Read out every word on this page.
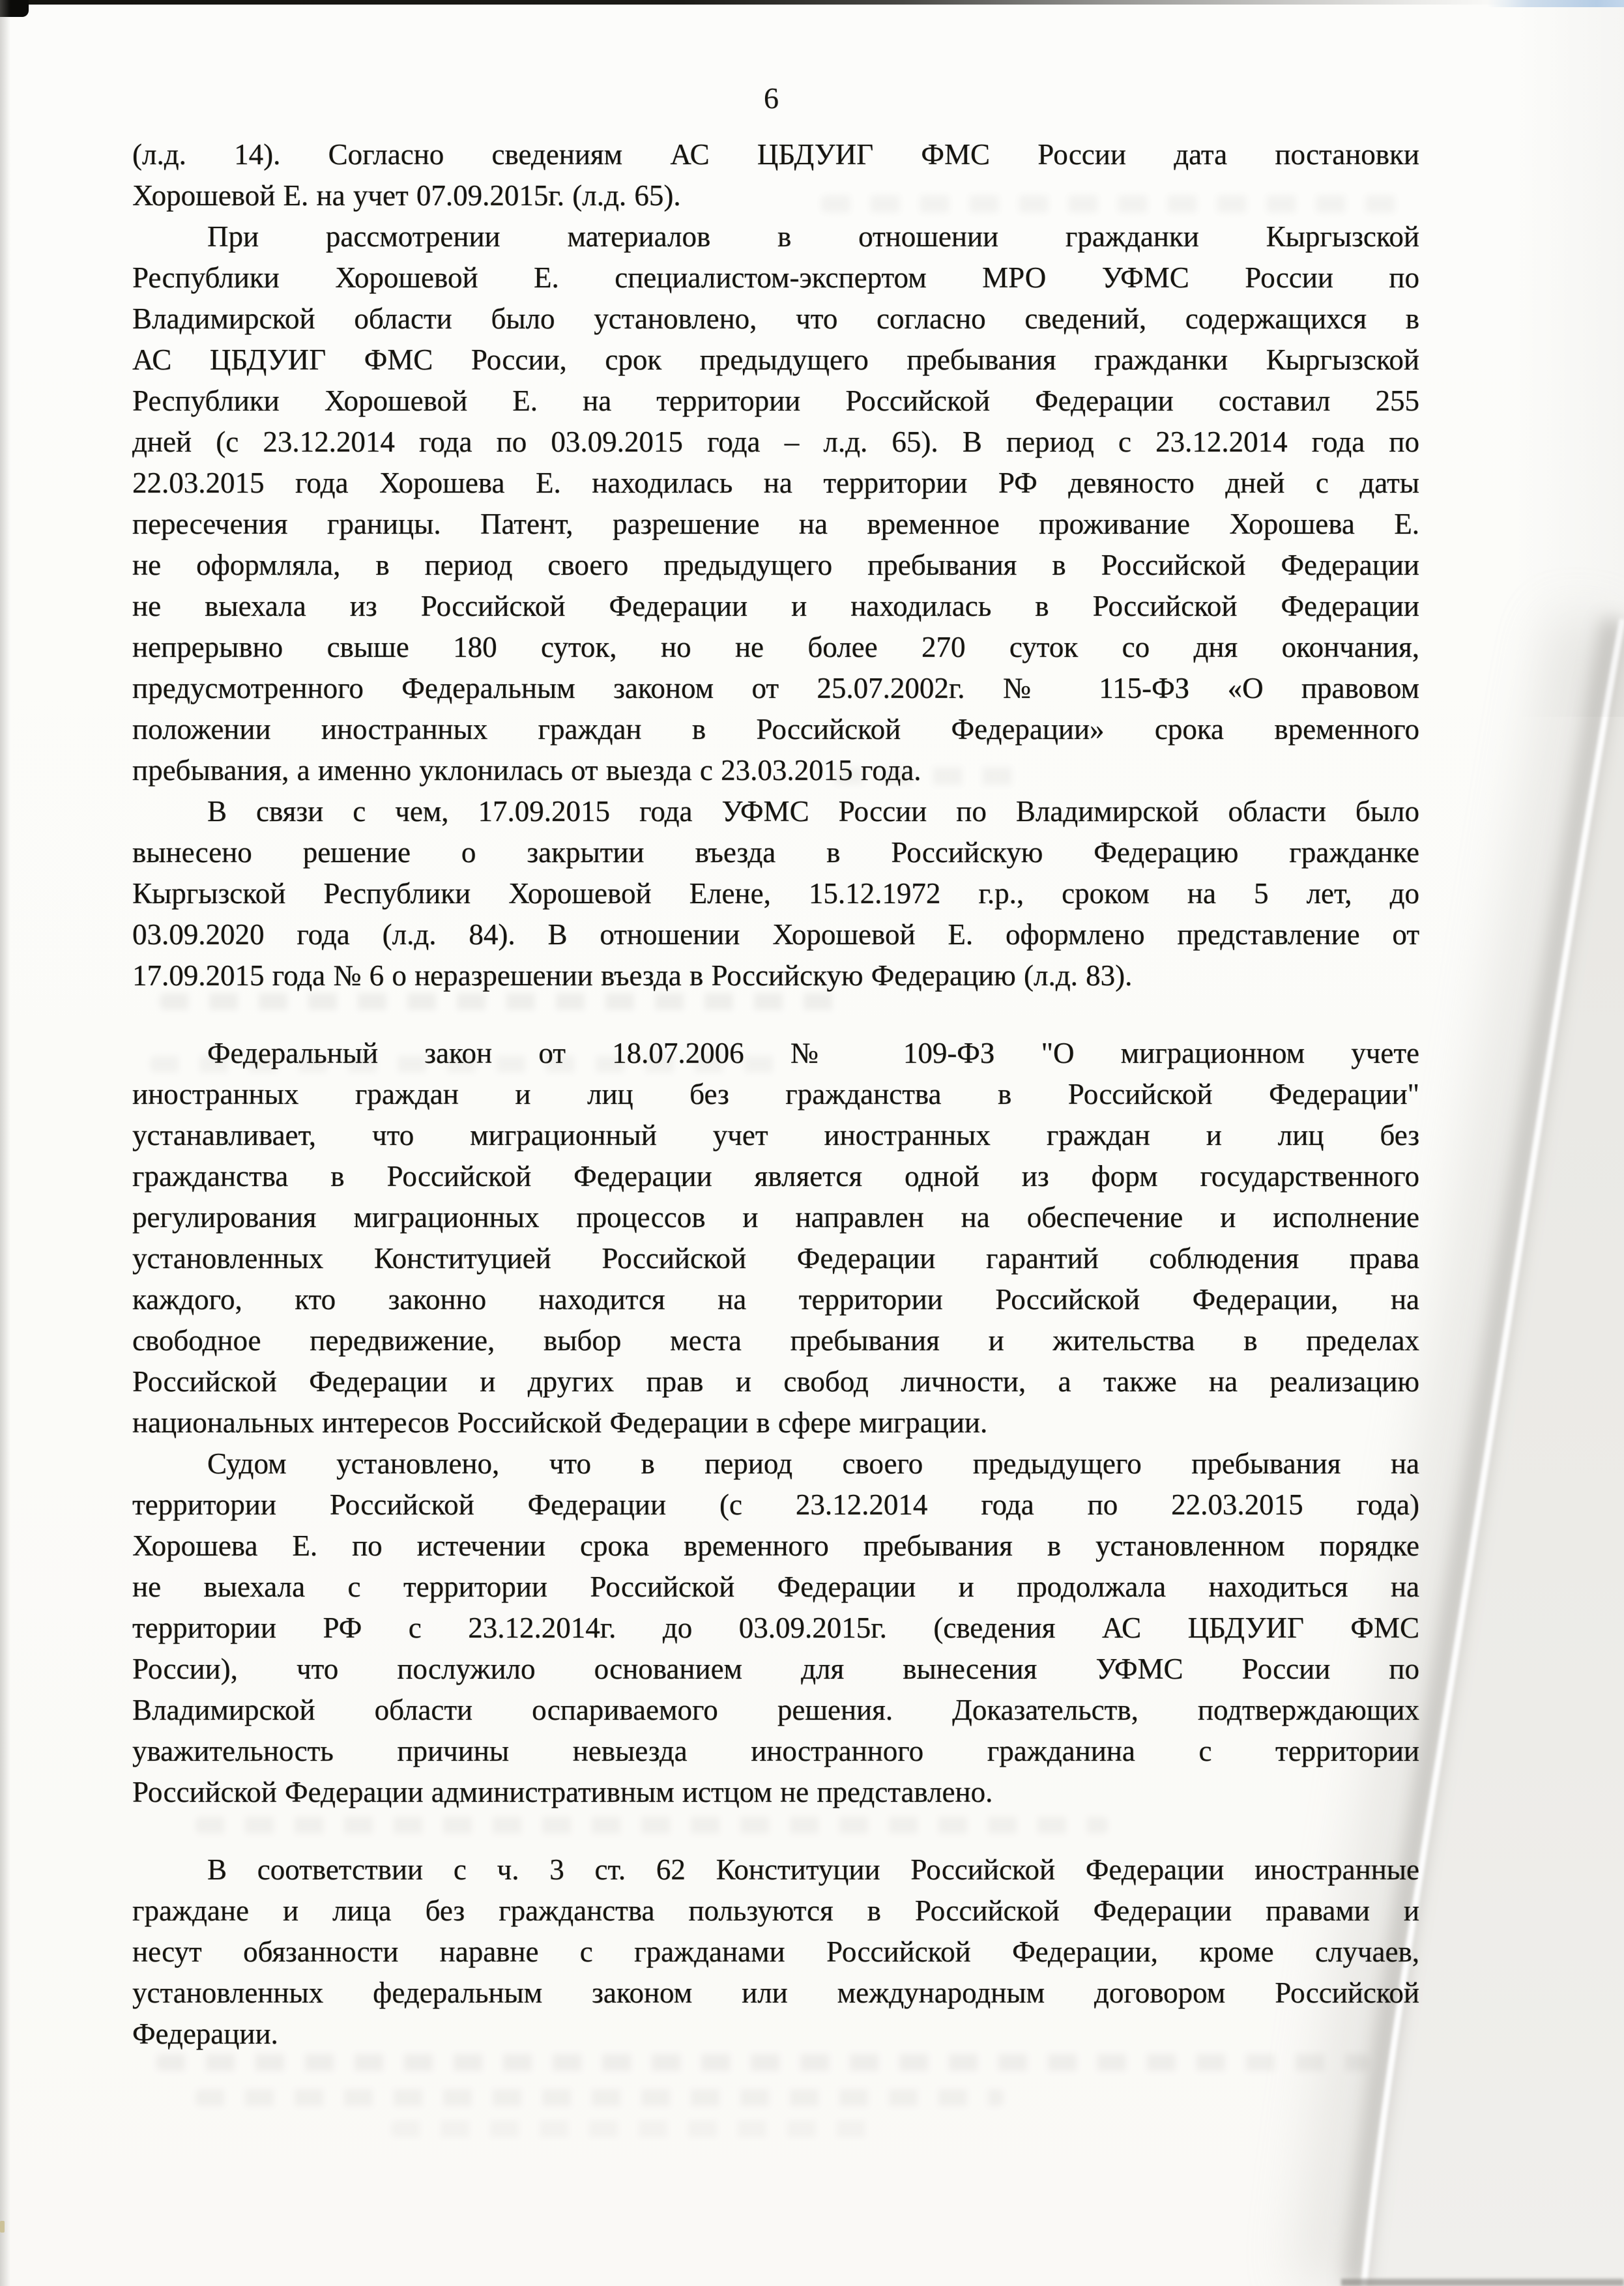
6
(л.д. 14). Согласно сведениям АС ЦБДУИГ ФМС России дата постановки
Хорошевой Е. на учет 07.09.2015г. (л.д. 65).
При рассмотрении материалов в отношении гражданки Кыргызской
Республики Хорошевой Е. специалистом-экспертом МРО УФМС России по
Владимирской области было установлено, что согласно сведений, содержащихся в
АС ЦБДУИГ ФМС России, срок предыдущего пребывания гражданки Кыргызской
Республики Хорошевой Е. на территории Российской Федерации составил 255
дней (с 23.12.2014 года по 03.09.2015 года – л.д. 65). В период с 23.12.2014 года по
22.03.2015 года Хорошева Е. находилась на территории РФ девяносто дней с даты
пересечения границы. Патент, разрешение на временное проживание Хорошева Е.
не оформляла, в период своего предыдущего пребывания в Российской Федерации
не выехала из Российской Федерации и находилась в Российской Федерации
непрерывно свыше 180 суток, но не более 270 суток со дня окончания,
предусмотренного Федеральным законом от 25.07.2002г. № 115-ФЗ «О правовом
положении иностранных граждан в Российской Федерации» срока временного
пребывания, а именно уклонилась от выезда с 23.03.2015 года.
В связи с чем, 17.09.2015 года УФМС России по Владимирской области было
вынесено решение о закрытии въезда в Российскую Федерацию гражданке
Кыргызской Республики Хорошевой Елене, 15.12.1972 г.р., сроком на 5 лет, до
03.09.2020 года (л.д. 84). В отношении Хорошевой Е. оформлено представление от
17.09.2015 года № 6 о неразрешении въезда в Российскую Федерацию (л.д. 83).
Федеральный закон от 18.07.2006 № 109-ФЗ "О миграционном учете
иностранных граждан и лиц без гражданства в Российской Федерации"
устанавливает, что миграционный учет иностранных граждан и лиц без
гражданства в Российской Федерации является одной из форм государственного
регулирования миграционных процессов и направлен на обеспечение и исполнение
установленных Конституцией Российской Федерации гарантий соблюдения права
каждого, кто законно находится на территории Российской Федерации, на
свободное передвижение, выбор места пребывания и жительства в пределах
Российской Федерации и других прав и свобод личности, а также на реализацию
национальных интересов Российской Федерации в сфере миграции.
Судом установлено, что в период своего предыдущего пребывания на
территории Российской Федерации (с 23.12.2014 года по 22.03.2015 года)
Хорошева Е. по истечении срока временного пребывания в установленном порядке
не выехала с территории Российской Федерации и продолжала находиться на
территории РФ с 23.12.2014г. до 03.09.2015г. (сведения АС ЦБДУИГ ФМС
России), что послужило основанием для вынесения УФМС России по
Владимирской области оспариваемого решения. Доказательств, подтверждающих
уважительность причины невыезда иностранного гражданина с территории
Российской Федерации административным истцом не представлено.
В соответствии с ч. 3 ст. 62 Конституции Российской Федерации иностранные
граждане и лица без гражданства пользуются в Российской Федерации правами и
несут обязанности наравне с гражданами Российской Федерации, кроме случаев,
установленных федеральным законом или международным договором Российской
Федерации.
